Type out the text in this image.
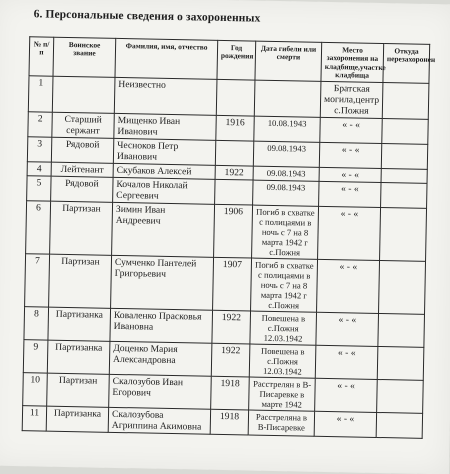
6. Персональные сведения о захороненных
№ п/п	Воинское звание	Фамилия, имя, отчество	Год рождения	Дата гибели или смерти	Место захоронения на кладбище,участке кладбища	Откуда перезахоронен
1		Неизвестно			Братская могила,центр с.Пожня	
2	Старший сержант	Мищенко Иван Иванович	1916	10.08.1943	« - «	
3	Рядовой	Чесноков Петр Иванович		09.08.1943	« - «	
4	Лейтенант	Скубаков Алексей	1922	09.08.1943	« - «	
5	Рядовой	Кочалов Николай Сергеевич		09.08.1943	« - «	
6	Партизан	Зимин Иван Андреевич	1906	Погиб в схватке с полицаями в ночь с 7 на 8 марта 1942 г с.Пожня	« - «	
7	Партизан	Сумченко Пантелей Григорьевич	1907	Погиб в схватке с полицаями в ночь с 7 на 8 марта 1942 г с.Пожня	« - «	
8	Партизанка	Коваленко Прасковья Ивановна	1922	Повешена в с.Пожня 12.03.1942	« - «	
9	Партизанка	Доценко Мария Александровна	1922	Повешена в с.Пожня 12.03.1942	« - «	
10	Партизан	Скалозубов Иван Егорович	1918	Расстрелян в В-Писаревке в марте 1942	« - «	
11	Партизанка	Скалозубова Агриппина Акимовна	1918	Расстреляна в В-Писаревке	« - «	
